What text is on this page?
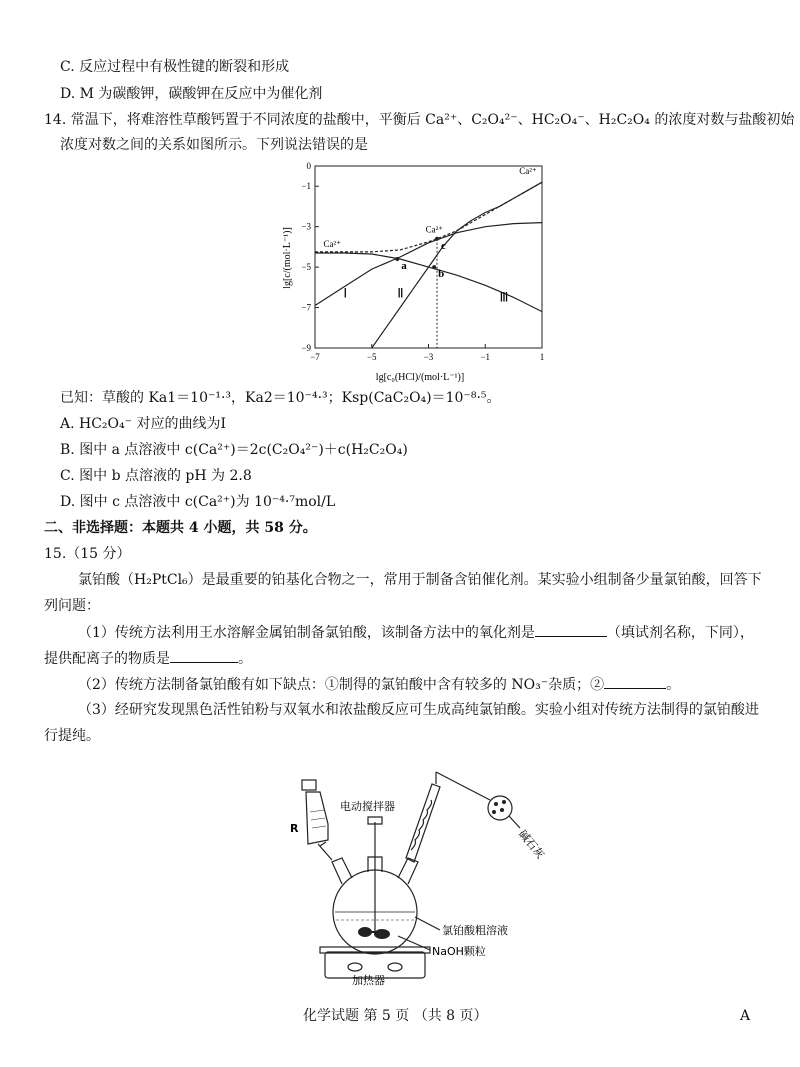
C. 反应过程中有极性键的断裂和形成
D. M 为碳酸钾，碳酸钾在反应中为催化剂
14. 常温下，将难溶性草酸钙置于不同浓度的盐酸中，平衡后 Ca²⁺、C₂O₄²⁻、HC₂O₄⁻、H₂C₂O₄ 的浓度对数与盐酸初始
浓度对数之间的关系如图所示。下列说法错误的是
−7	−5	−3	−1	1
0
−1
−3
−5
−7
−9
a
b
c
Ca²⁺
Ca²⁺
Ca²⁺
Ⅰ	Ⅱ	Ⅲ
lg[c₀(HCl)/(mol·L⁻¹)]
lg[c/(mol·L⁻¹)]
已知：草酸的 Ka1＝10⁻¹·³，Ka2＝10⁻⁴·³；Ksp(CaC₂O₄)＝10⁻⁸·⁵。
A. HC₂O₄⁻ 对应的曲线为Ⅰ
B. 图中 a 点溶液中 c(Ca²⁺)＝2c(C₂O₄²⁻)＋c(H₂C₂O₄)
C. 图中 b 点溶液的 pH 为 2.8
D. 图中 c 点溶液中 c(Ca²⁺)为 10⁻⁴·⁷mol/L
二、非选择题：本题共 4 小题，共 58 分。
15.（15 分）
氯铂酸（H₂PtCl₆）是最重要的铂基化合物之一，常用于制备含铂催化剂。某实验小组制备少量氯铂酸，回答下
列问题：
（1）传统方法利用王水溶解金属铂制备氯铂酸，该制备方法中的氧化剂是	（填试剂名称，下同），
提供配离子的物质是	。
（2）传统方法制备氯铂酸有如下缺点：①制得的氯铂酸中含有较多的 NO₃⁻杂质；②	。
（3）经研究发现黑色活性铂粉与双氧水和浓盐酸反应可生成高纯氯铂酸。实验小组对传统方法制得的氯铂酸进
行提纯。
电动搅拌器
R	碱石灰
氯铂酸粗溶液
NaOH颗粒
加热器
化学试题 第 5 页 （共 8 页）	A
